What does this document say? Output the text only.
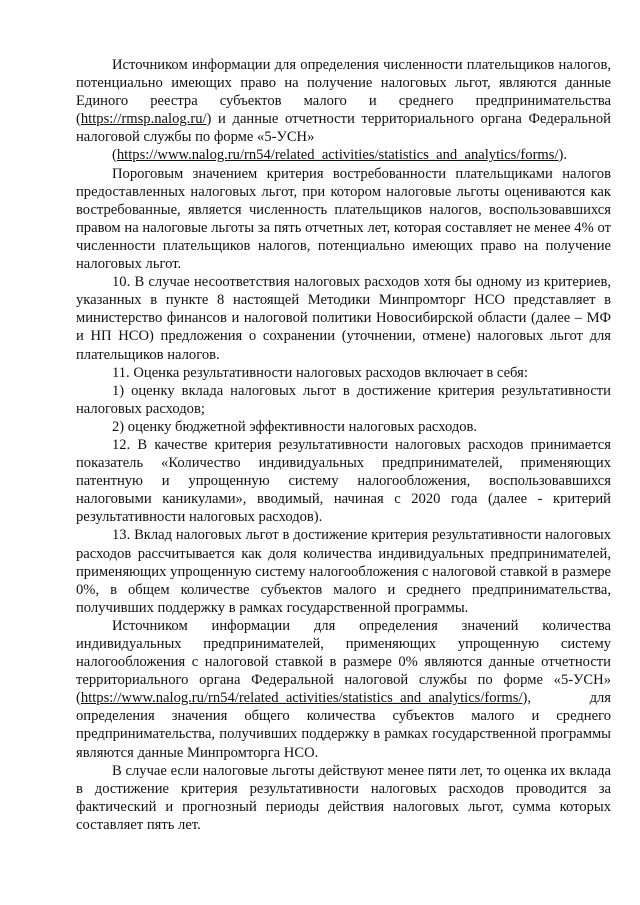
Источником информации для определения численности плательщиков налогов, потенциально имеющих право на получение налоговых льгот, являются данные Единого реестра субъектов малого и среднего предпринимательства (https://rmsp.nalog.ru/) и данные отчетности территориального органа Федеральной налоговой службы по форме «5-УСН»

(https://www.nalog.ru/rn54/related_activities/statistics_and_analytics/forms/).

Пороговым значением критерия востребованности плательщиками налогов предоставленных налоговых льгот, при котором налоговые льготы оцениваются как востребованные, является численность плательщиков налогов, воспользовавшихся правом на налоговые льготы за пять отчетных лет, которая составляет не менее 4% от численности плательщиков налогов, потенциально имеющих право на получение налоговых льгот.

10. В случае несоответствия налоговых расходов хотя бы одному из критериев, указанных в пункте 8 настоящей Методики Минпромторг НСО представляет в министерство финансов и налоговой политики Новосибирской области (далее – МФ и НП НСО) предложения о сохранении (уточнении, отмене) налоговых льгот для плательщиков налогов.

11. Оценка результативности налоговых расходов включает в себя:

1) оценку вклада налоговых льгот в достижение критерия результативности налоговых расходов;

2) оценку бюджетной эффективности налоговых расходов.

12. В качестве критерия результативности налоговых расходов принимается показатель «Количество индивидуальных предпринимателей, применяющих патентную и упрощенную систему налогообложения, воспользовавшихся налоговыми каникулами», вводимый, начиная с 2020 года (далее - критерий результативности налоговых расходов).

13. Вклад налоговых льгот в достижение критерия результативности налоговых расходов рассчитывается как доля количества индивидуальных предпринимателей, применяющих упрощенную систему налогообложения с налоговой ставкой в размере 0%, в общем количестве субъектов малого и среднего предпринимательства, получивших поддержку в рамках государственной программы.

Источником информации для определения значений количества индивидуальных предпринимателей, применяющих упрощенную систему налогообложения с налоговой ставкой в размере 0% являются данные отчетности территориального органа Федеральной налоговой службы по форме «5-УСН» (https://www.nalog.ru/rn54/related_activities/statistics_and_analytics/forms/), для определения значения общего количества субъектов малого и среднего предпринимательства, получивших поддержку в рамках государственной программы являются данные Минпромторга НСО.

В случае если налоговые льготы действуют менее пяти лет, то оценка их вклада в достижение критерия результативности налоговых расходов проводится за фактический и прогнозный периоды действия налоговых льгот, сумма которых составляет пять лет.
